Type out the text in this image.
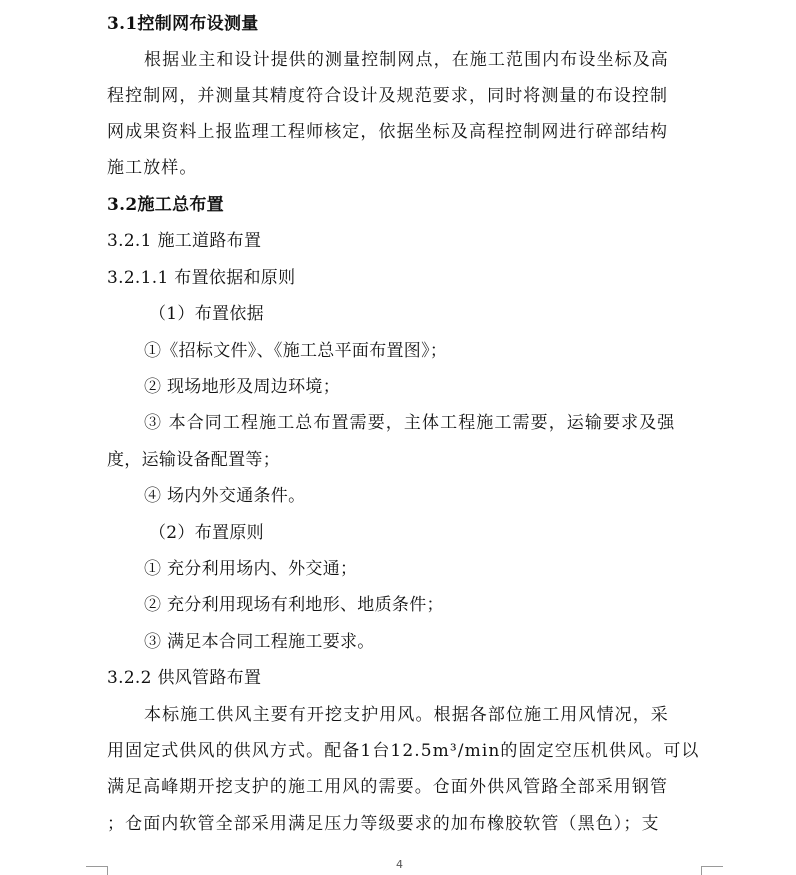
3.1控制网布设测量
根据业主和设计提供的测量控制网点，在施工范围内布设坐标及高
程控制网，并测量其精度符合设计及规范要求，同时将测量的布设控制
网成果资料上报监理工程师核定，依据坐标及高程控制网进行碎部结构
施工放样。
3.2施工总布置
3.2.1 施工道路布置
3.2.1.1 布置依据和原则
（1）布置依据
①《招标文件》、《施工总平面布置图》；
② 现场地形及周边环境；
③ 本合同工程施工总布置需要，主体工程施工需要，运输要求及强
度，运输设备配置等；
④ 场内外交通条件。
（2）布置原则
① 充分利用场内、外交通；
② 充分利用现场有利地形、地质条件；
③ 满足本合同工程施工要求。
3.2.2 供风管路布置
本标施工供风主要有开挖支护用风。根据各部位施工用风情况，采
用固定式供风的供风方式。配备1台12.5m³/min的固定空压机供风。可以
满足高峰期开挖支护的施工用风的需要。仓面外供风管路全部采用钢管
；仓面内软管全部采用满足压力等级要求的加布橡胶软管（黑色）；支
4
